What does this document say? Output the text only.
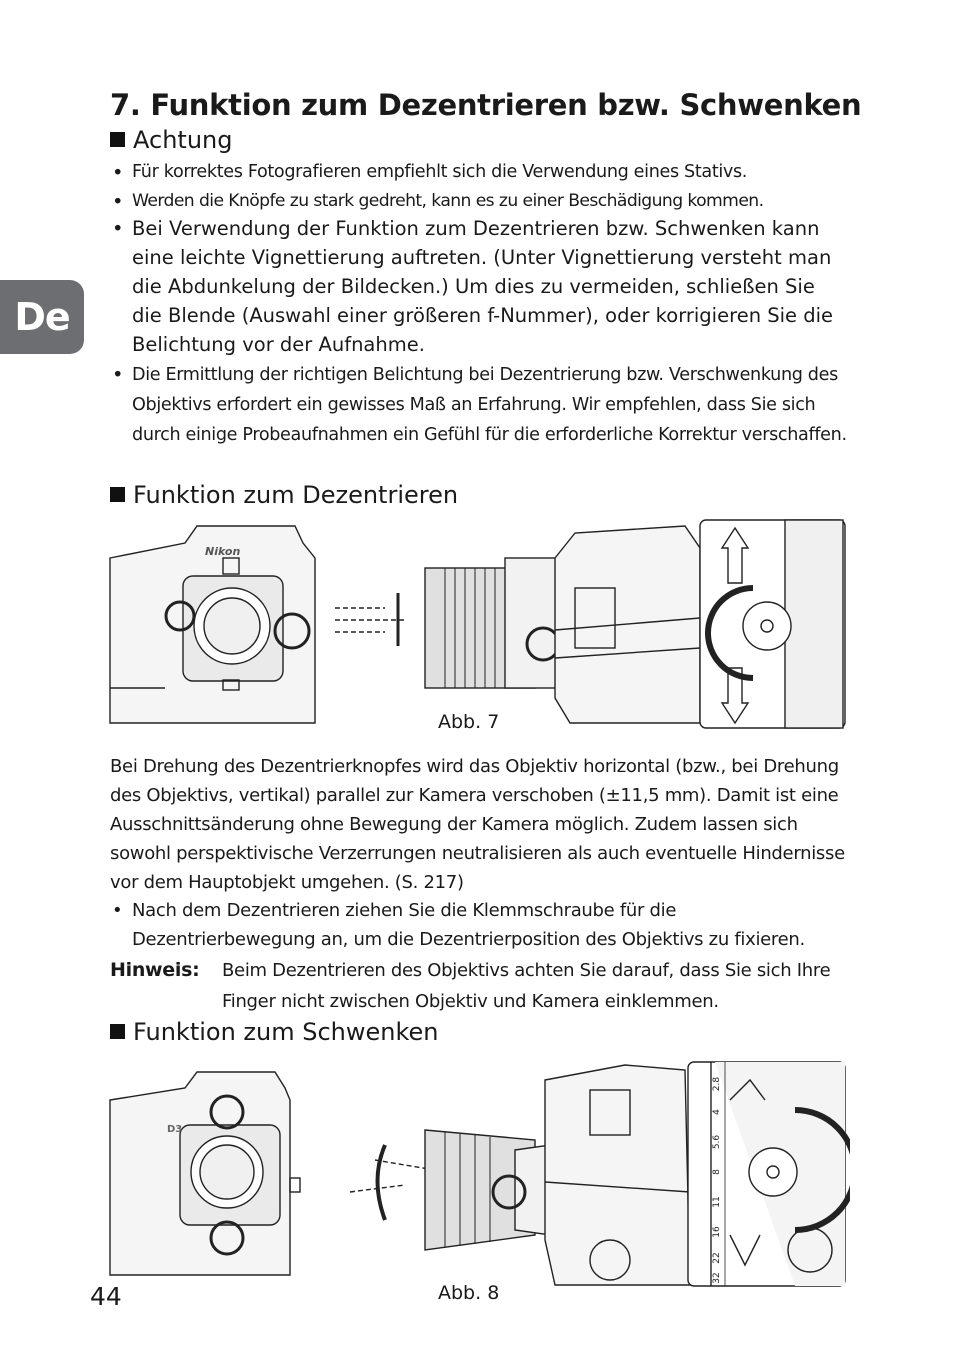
De
7. Funktion zum Dezentrieren bzw. Schwenken
Achtung
• Für korrektes Fotografieren empfiehlt sich die Verwendung eines Stativs.
• Werden die Knöpfe zu stark gedreht, kann es zu einer Beschädigung kommen.
• Bei Verwendung der Funktion zum Dezentrieren bzw. Schwenken kann eine leichte Vignettierung auftreten. (Unter Vignettierung versteht man die Abdunkelung der Bildecken.) Um dies zu vermeiden, schließen Sie die Blende (Auswahl einer größeren f-Nummer), oder korrigieren Sie die Belichtung vor der Aufnahme.
• Die Ermittlung der richtigen Belichtung bei Dezentrierung bzw. Verschwenkung des Objektivs erfordert ein gewisses Maß an Erfahrung. Wir empfehlen, dass Sie sich durch einige Probeaufnahmen ein Gefühl für die erforderliche Korrektur verschaffen.
Funktion zum Dezentrieren
Nikon
Abb. 7
Bei Drehung des Dezentrierknopfes wird das Objektiv horizontal (bzw., bei Drehung des Objektivs, vertikal) parallel zur Kamera verschoben (±11,5 mm). Damit ist eine Ausschnittsänderung ohne Bewegung der Kamera möglich. Zudem lassen sich sowohl perspektivische Verzerrungen neutralisieren als auch eventuelle Hindernisse vor dem Hauptobjekt umgehen. (S. 217)
• Nach dem Dezentrieren ziehen Sie die Klemmschraube für die Dezentrierbewegung an, um die Dezentrierposition des Objektivs zu fixieren.
Hinweis: Beim Dezentrieren des Objektivs achten Sie darauf, dass Sie sich Ihre Finger nicht zwischen Objektiv und Kamera einklemmen.
Funktion zum Schwenken
2.8
4
5.6
8
11
16
22
32
D3
Abb. 8
44
